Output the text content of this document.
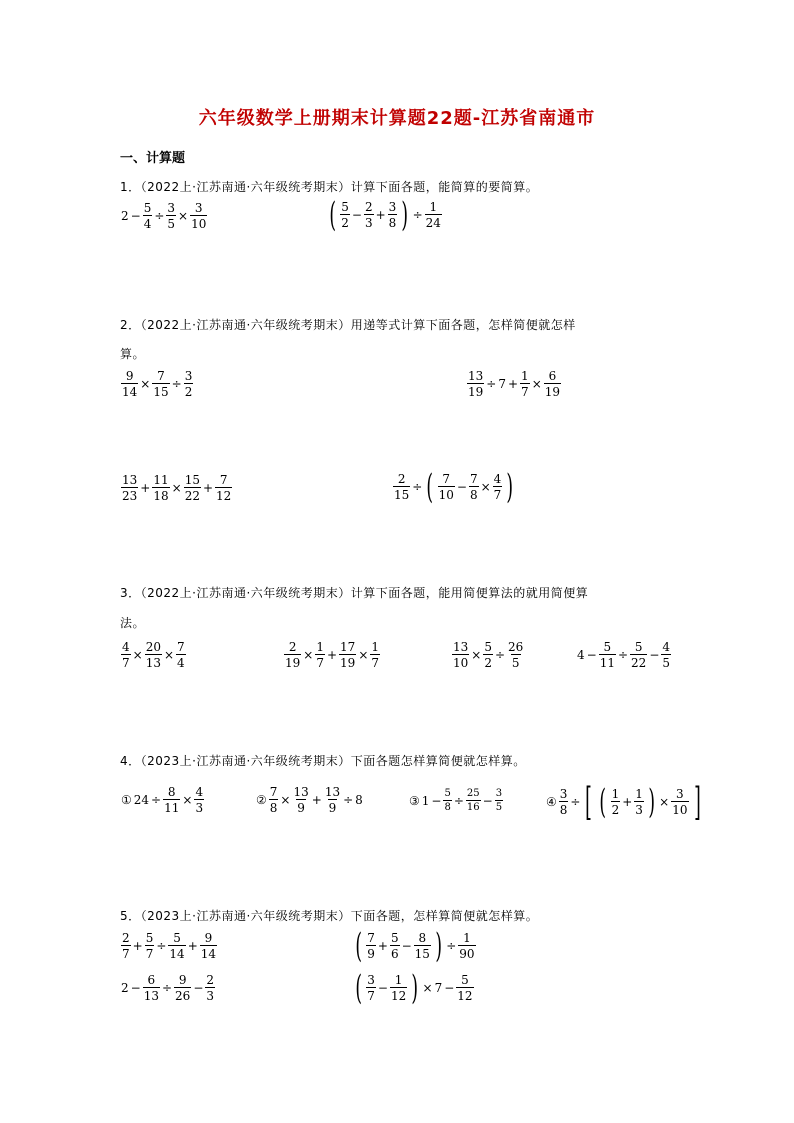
六年级数学上册期末计算题22题-江苏省南通市
一、计算题
1．（2022上·江苏南通·六年级统考期末）计算下面各题，能简算的要简算。
2．（2022上·江苏南通·六年级统考期末）用递等式计算下面各题，怎样简便就怎样
算。
3．（2022上·江苏南通·六年级统考期末）计算下面各题，能用简便算法的就用简便算
法。
4．（2023上·江苏南通·六年级统考期末）下面各题怎样算简便就怎样算。
5．（2023上·江苏南通·六年级统考期末）下面各题，怎样算简便就怎样算。
$2 - \frac{5}{4} \div \frac{3}{5} \times \frac{3}{10}$	( $\frac{5}{2} - \frac{2}{3} + \frac{3}{8}$ ) ÷ $\frac{1}{24}$
$\frac{9}{14} \times \frac{7}{15} \div \frac{3}{2}$	$\frac{13}{19} \div 7 + \frac{1}{7} \times \frac{6}{19}$
$\frac{13}{23} + \frac{11}{18} \times \frac{15}{22} + \frac{7}{12}$	$\frac{2}{15}$ ÷ ( $\frac{7}{10} - \frac{7}{8} \times \frac{4}{7}$ )
$\frac{4}{7} \times \frac{20}{13} \times \frac{7}{4}$	$\frac{2}{19} \times \frac{1}{7} + \frac{17}{19} \times \frac{1}{7}$	$\frac{13}{10} \times \frac{5}{2} \div \frac{26}{5}$	$4 - \frac{5}{11} \div \frac{5}{22} - \frac{4}{5}$
① $24 \div \frac{8}{11} \times \frac{4}{3}$	② $\frac{7}{8} \times \frac{13}{9} + \frac{13}{9} \div 8$	③ $1 - \frac{5}{8} \div \frac{25}{16} - \frac{3}{5}$	④ $\frac{3}{8}$ ÷ [ ( $\frac{1}{2} + \frac{1}{3}$ ) × $\frac{3}{10}$ ]
$\frac{2}{7} + \frac{5}{7} \div \frac{5}{14} + \frac{9}{14}$	( $\frac{7}{9} + \frac{5}{6} - \frac{8}{15}$ ) ÷ $\frac{1}{90}$
$2 - \frac{6}{13} \div \frac{9}{26} - \frac{2}{3}$	( $\frac{3}{7} - \frac{1}{12}$ ) × $7 - \frac{5}{12}$
